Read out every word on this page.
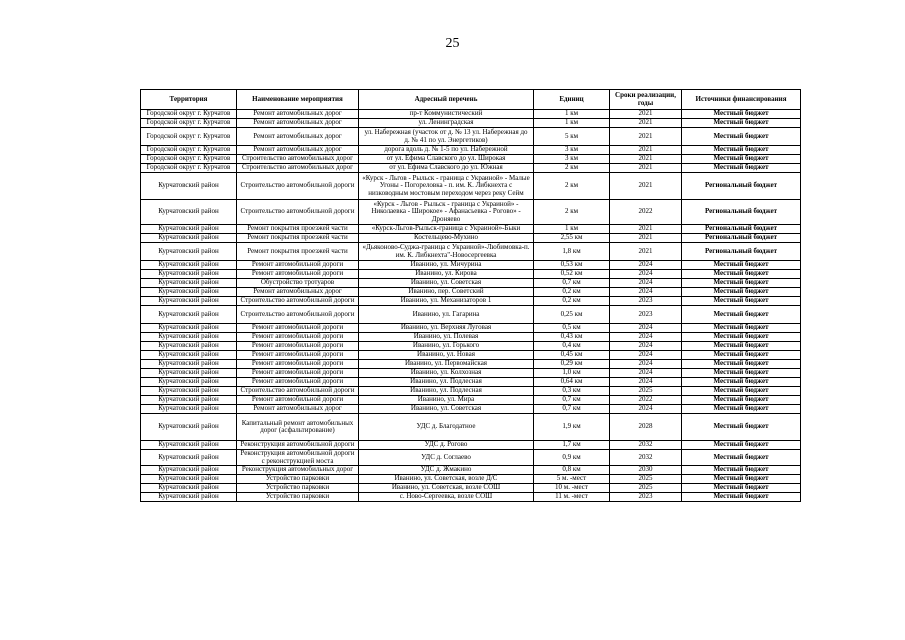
25
Территория	Наименование мероприятия	Адресный перечень	Единиц	Сроки реализации, годы	Источники финансирования
Городской округ г. Курчатов	Ремонт автомобильных дорог	пр-т Коммунистический	1 км	2021	Местный бюджет
Городской округ г. Курчатов	Ремонт автомобильных дорог	ул. Ленинградская	1 км	2021	Местный бюджет
Городской округ г. Курчатов	Ремонт автомобильных дорог	ул. Набережная (участок от д. № 13 ул. Набережная до д. № 41 по ул. Энергетиков)	5 км	2021	Местный бюджет
Городской округ г. Курчатов	Ремонт автомобильных дорог	дорога вдоль д. № 1-5 по ул. Набережной	3 км	2021	Местный бюджет
Городской округ г. Курчатов	Строительство автомобильных дорог	от ул. Ефима Славского до ул. Широкая	3 км	2021	Местный бюджет
Городской округ г. Курчатов	Строительство автомобильных дорог	от ул. Ефима Славского до ул. Южная	2 км	2021	Местный бюджет
Курчатовский район	Строительство автомобильной дороги	«Курск - Льгов - Рыльск - граница с Украиной» - Малые Угоны - Погореловка - п. им. К. Либкнехта с низководным мостовым переходом через реку Сейм	2 км	2021	Региональный бюджет
Курчатовский район	Строительство автомобильной дороги	«Курск - Льгов - Рыльск - граница с Украиной» - Николаевка - Широкое» - Афанасьевка - Рогово» - Дроняево	2 км	2022	Региональный бюджет
Курчатовский район	Ремонт покрытия проезжей части	«Курск-Льгов-Рыльск-граница с Украиной»-Быки	1 км	2021	Региональный бюджет
Курчатовский район	Ремонт покрытия проезжей части	Костельцево-Мухино	2,55 км	2021	Региональный бюджет
Курчатовский район	Ремонт покрытия проезжей части	«Дьяконово-Суджа-граница с Украиной»-Любимовка-п. им. К. Либкнехта"-Новосергеевка	1,8 км	2021	Региональный бюджет
Курчатовский район	Ремонт автомобильной дороги	Иванино, ул. Мичурина	0,53 км	2024	Местный бюджет
Курчатовский район	Ремонт автомобильной дороги	Иванино, ул. Кирова	0,52 км	2024	Местный бюджет
Курчатовский район	Обустройство тротуаров	Иванино, ул. Советская	0,7 км	2024	Местный бюджет
Курчатовский район	Ремонт автомобильных дорог	Иванино, пер. Советский	0,2 км	2024	Местный бюджет
Курчатовский район	Строительство автомобильной дороги	Иванино, ул. Механизаторов 1	0,2 км	2023	Местный бюджет
Курчатовский район	Строительство автомобильной дороги	Иванино, ул. Гагарина	0,25 км	2023	Местный бюджет
Курчатовский район	Ремонт автомобильной дороги	Иванино, ул. Верхняя Луговая	0,5 км	2024	Местный бюджет
Курчатовский район	Ремонт автомобильной дороги	Иванино, ул. Полевая	0,43 км	2024	Местный бюджет
Курчатовский район	Ремонт автомобильной дороги	Иванино, ул. Горького	0,4 км	2024	Местный бюджет
Курчатовский район	Ремонт автомобильной дороги	Иванино, ул. Новая	0,45 км	2024	Местный бюджет
Курчатовский район	Ремонт автомобильной дороги	Иванино, ул. Первомайская	0,29 км	2024	Местный бюджет
Курчатовский район	Ремонт автомобильной дороги	Иванино, ул. Колхозная	1,0 км	2024	Местный бюджет
Курчатовский район	Ремонт автомобильной дороги	Иванино, ул. Подлесная	0,64 км	2024	Местный бюджет
Курчатовский район	Строительство автомобильной дороги	Иванино, ул. Подлесная	0,3 км	2025	Местный бюджет
Курчатовский район	Ремонт автомобильной дороги	Иванино, ул. Мира	0,7 км	2022	Местный бюджет
Курчатовский район	Ремонт автомобильных дорог	Иванино, ул. Советская	0,7 км	2024	Местный бюджет
Курчатовский район	Капитальный ремонт автомобильных дорог (асфальтирование)	УДС д. Благодатное	1,9 км	2028	Местный бюджет
Курчатовский район	Реконструкция автомобильной дороги	УДС д. Рогово	1,7 км	2032	Местный бюджет
Курчатовский район	Реконструкция автомобильной дороги с реконструкцией моста	УДС д. Соглаево	0,9 км	2032	Местный бюджет
Курчатовский район	Реконструкция автомобильных дорог	УДС д. Жмакино	0,8 км	2030	Местный бюджет
Курчатовский район	Устройство парковки	Иванино, ул. Советская, возле Д/С	5 м. -мест	2025	Местный бюджет
Курчатовский район	Устройство парковки	Иванино, ул. Советская, возле СОШ	10 м. -мест	2025	Местный бюджет
Курчатовский район	Устройство парковки	с. Ново-Сергеевка, возле СОШ	11 м. -мест	2023	Местный бюджет
